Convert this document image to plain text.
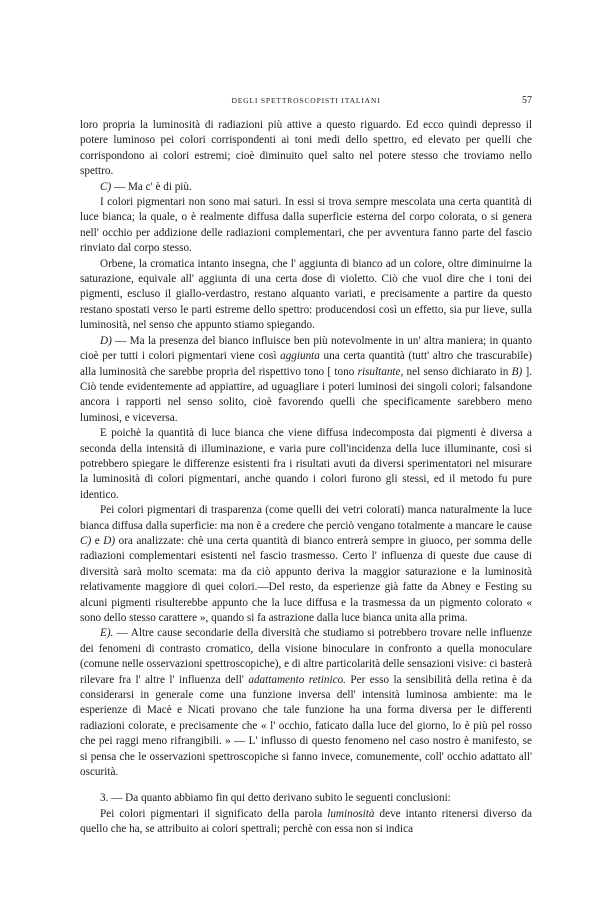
DEGLI SPETTROSCOPISTI ITALIANI	57

loro propria la luminosità di radiazioni più attive a questo riguardo. Ed ecco quindi depresso il potere luminoso pei colori corrispondenti ai toni medi dello spettro, ed elevato per quelli che corrispondono ai colori estremi; cioè diminuito quel salto nel potere stesso che troviamo nello spettro.

C) — Ma c' è di più.

I colori pigmentari non sono mai saturi. In essi si trova sempre mescolata una certa quantità di luce bianca; la quale, o è realmente diffusa dalla superficie esterna del corpo colorata, o si genera nell' occhio per addizione delle radiazioni complementari, che per avventura fanno parte del fascio rinviato dal corpo stesso.

Orbene, la cromatica intanto insegna, che l' aggiunta di bianco ad un colore, oltre diminuirne la saturazione, equivale all' aggiunta di una certa dose di violetto. Ciò che vuol dire che i toni dei pigmenti, escluso il giallo-verdastro, restano alquanto variati, e precisamente a partire da questo restano spostati verso le parti estreme dello spettro: producendosi così un effetto, sia pur lieve, sulla luminosità, nel senso che appunto stiamo spiegando.

D) — Ma la presenza del bianco influisce ben più notevolmente in un' altra maniera; in quanto cioè per tutti i colori pigmentari viene così aggiunta una certa quantità (tutt' altro che trascurabile) alla luminosità che sarebbe propria del rispettivo tono [ tono risultante, nel senso dichiarato in B) ]. Ciò tende evidentemente ad appiattire, ad uguagliare i poteri luminosi dei singoli colori; falsandone ancora i rapporti nel senso solito, cioè favorendo quelli che specificamente sarebbero meno luminosi, e viceversa.

E poichè la quantità di luce bianca che viene diffusa indecomposta dai pigmenti è diversa a seconda della intensità di illuminazione, e varia pure coll'incidenza della luce illuminante, così si potrebbero spiegare le differenze esistenti fra i risultati avuti da diversi sperimentatori nel misurare la luminosità di colori pigmentari, anche quando i colori furono gli stessi, ed il metodo fu pure identico.

Pei colori pigmentari di trasparenza (come quelli dei vetri colorati) manca naturalmente la luce bianca diffusa dalla superficie: ma non è a credere che perciò vengano totalmente a mancare le cause C) e D) ora analizzate: chè una certa quantità di bianco entrerà sempre in giuoco, per somma delle radiazioni complementari esistenti nel fascio trasmesso. Certo l' influenza di queste due cause di diversità sarà molto scemata: ma da ciò appunto deriva la maggior saturazione e la luminosità relativamente maggiore di quei colori.—Del resto, da esperienze già fatte da Abney e Festing su alcuni pigmenti risulterebbe appunto che la luce diffusa e la trasmessa da un pigmento colorato « sono dello stesso carattere », quando si fa astrazione dalla luce bianca unita alla prima.

E). — Altre cause secondarie della diversità che studiamo si potrebbero trovare nelle influenze dei fenomeni di contrasto cromatico, della visione binoculare in confronto a quella monoculare (comune nelle osservazioni spettroscopiche), e di altre particolarità delle sensazioni visive: ci basterà rilevare fra l' altre l' influenza dell' adattamento retinico. Per esso la sensibilità della retina è da considerarsi in generale come una funzione inversa dell' intensità luminosa ambiente: ma le esperienze di Macè e Nicati provano che tale funzione ha una forma diversa per le differenti radiazioni colorate, e precisamente che « l' occhio, faticato dalla luce del giorno, lo è più pel rosso che pei raggi meno rifrangibili. » — L' influsso di questo fenomeno nel caso nostro è manifesto, se si pensa che le osservazioni spettroscopiche si fanno invece, comunemente, coll' occhio adattato all' oscurità.

3. — Da quanto abbiamo fin qui detto derivano subito le seguenti conclusioni:

Pei colori pigmentari il significato della parola luminosità deve intanto ritenersi diverso da quello che ha, se attribuito ai colori spettrali; perchè con essa non si indica
